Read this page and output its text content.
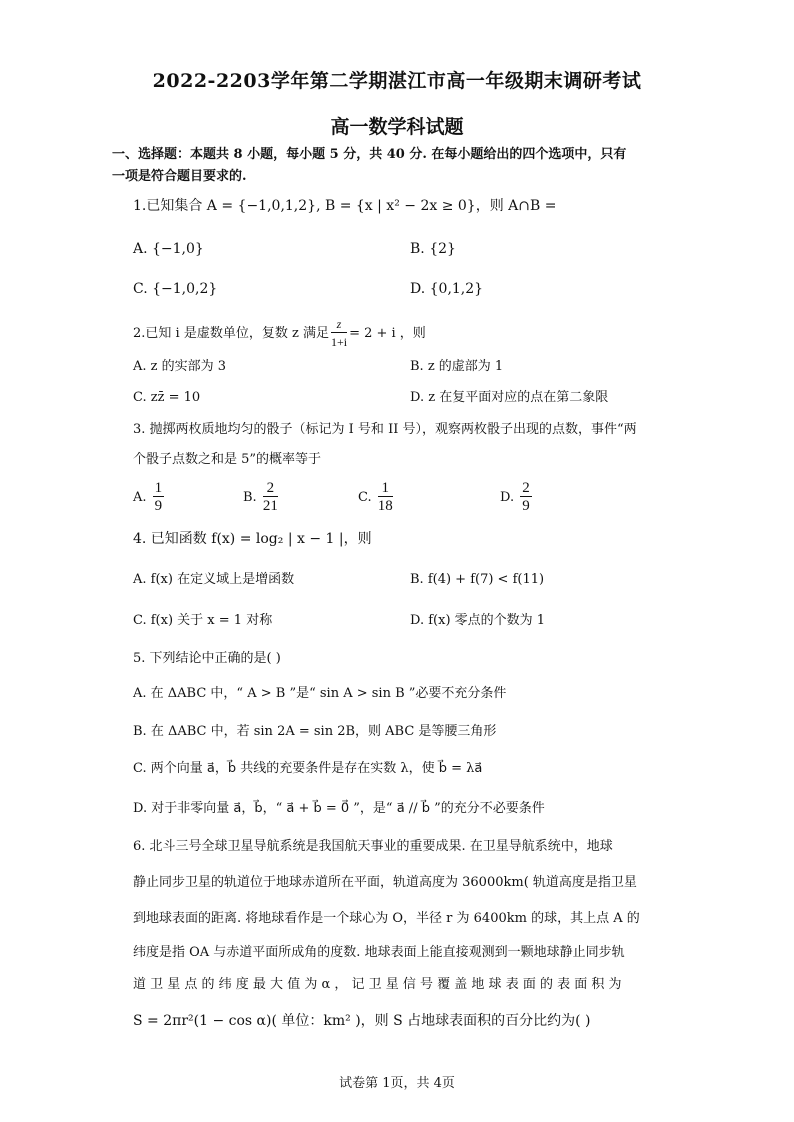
2022-2203学年第二学期湛江市高一年级期末调研考试
高一数学科试题
一、选择题：本题共 8 小题，每小题 5 分，共 40 分. 在每小题给出的四个选项中，只有
一项是符合题目要求的.
1.已知集合 A = {−1,0,1,2}, B = {x | x² − 2x ≥ 0}，则 A∩B =
A. {−1,0}	B. {2}
C. {−1,0,2}	D. {0,1,2}
2.已知 i 是虚数单位，复数 z 满足 $\frac{z}{1+i} = 2 + i$ ，则
A. z 的实部为 3	B. z 的虚部为 1
C. zz̄ = 10	D. z 在复平面对应的点在第二象限
3. 抛掷两枚质地均匀的骰子（标记为 I 号和 II 号），观察两枚骰子出现的点数，事件“两
个骰子点数之和是 5”的概率等于
A. $\frac{1}{9}$	B. $\frac{2}{21}$	C. $\frac{1}{18}$	D. $\frac{2}{9}$
4. 已知函数 f(x) = log₂ | x − 1 |，则
A. f(x) 在定义域上是增函数	B. f(4) + f(7) < f(11)
C. f(x) 关于 x = 1 对称	D. f(x) 零点的个数为 1
5. 下列结论中正确的是( )
A. 在 ΔABC 中，“ A > B ”是“ sin A > sin B ”必要不充分条件
B. 在 ΔABC 中，若 sin 2A = sin 2B，则 ABC 是等腰三角形
C. 两个向量 a⃗，b⃗ 共线的充要条件是存在实数 λ，使 b⃗ = λa⃗
D. 对于非零向量 a⃗，b⃗，“ a⃗ + b⃗ = 0⃗ ”，是“ a⃗ // b⃗ ”的充分不必要条件
6. 北斗三号全球卫星导航系统是我国航天事业的重要成果. 在卫星导航系统中，地球
静止同步卫星的轨道位于地球赤道所在平面，轨道高度为 36000km( 轨道高度是指卫星
到地球表面的距离. 将地球看作是一个球心为 O，半径 r 为 6400km 的球，其上点 A 的
纬度是指 OA 与赤道平面所成角的度数. 地球表面上能直接观测到一颗地球静止同步轨
道 卫 星 点 的 纬 度 最 大 值 为 α ， 记 卫 星 信 号 覆 盖 地 球 表 面 的 表 面 积 为
S = 2πr²(1 − cos α)( 单位：km² )，则 S 占地球表面积的百分比约为( )
试卷第 1页，共 4页
